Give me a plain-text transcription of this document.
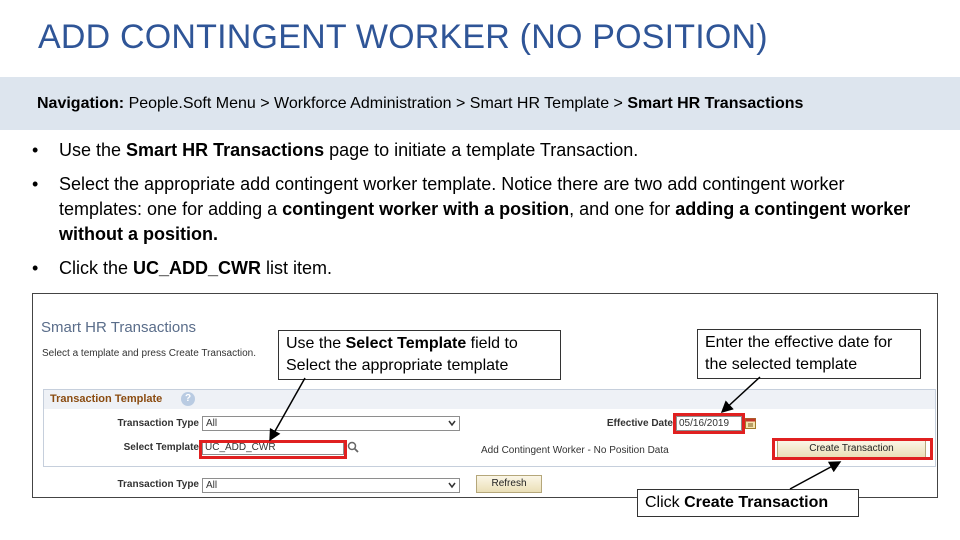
ADD CONTINGENT WORKER (NO POSITION)
Navigation: People.Soft Menu > Workforce Administration > Smart HR Template > Smart HR Transactions
• Use the Smart HR Transactions page to initiate a template Transaction.
• Select the appropriate add contingent worker template. Notice there are two add contingent worker templates: one for adding a contingent worker with a position, and one for adding a contingent worker without a position.
• Click the UC_ADD_CWR list item.
Smart HR Transactions
Select a template and press Create Transaction.
Transaction Template	?
Transaction Type All	Effective Date 05/16/2019
Select Template UC_ADD_CWR	Add Contingent Worker - No Position Data	Create Transaction
Transaction Type All	Refresh
Use the Select Template field to Select the appropriate template
Enter the effective date for the selected template
Click Create Transaction
